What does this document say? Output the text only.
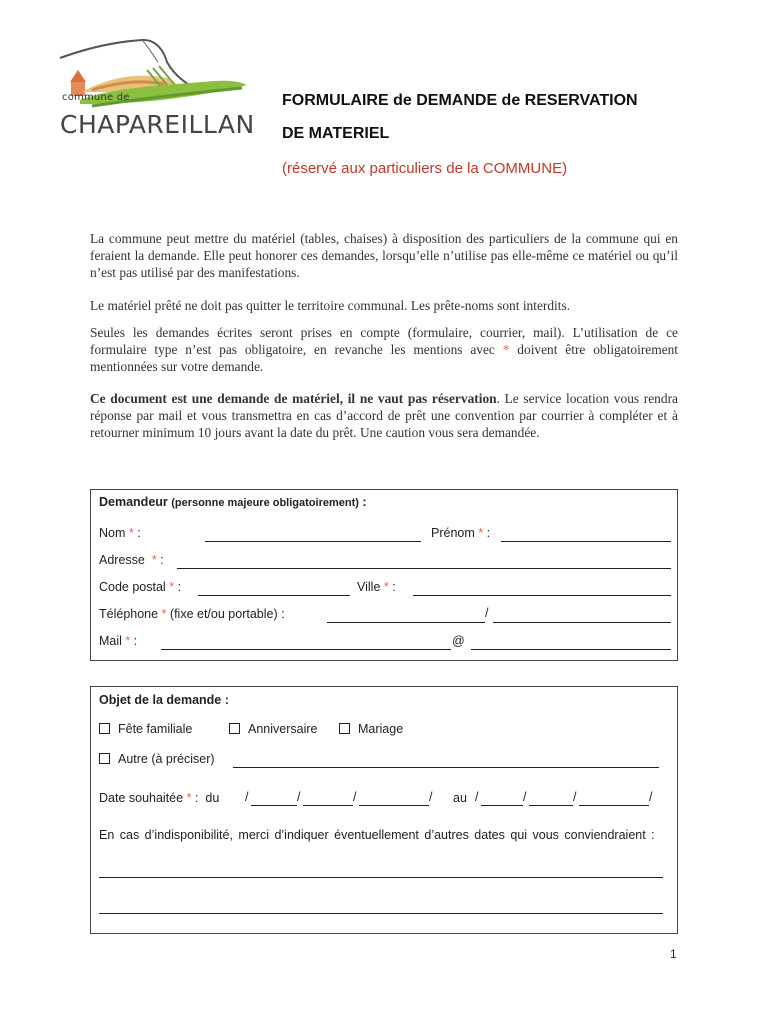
commune de
CHAPAREILLAN
FORMULAIRE de DEMANDE de RESERVATION
DE MATERIEL
(réservé aux particuliers de la COMMUNE)
La commune peut mettre du matériel (tables, chaises) à disposition des particuliers de la commune qui en feraient la demande. Elle peut honorer ces demandes, lorsqu’elle n’utilise pas elle-même ce matériel ou qu’il n’est pas utilisé par des manifestations.
Le matériel prêté ne doit pas quitter le territoire communal. Les prête-noms sont interdits.
Seules les demandes écrites seront prises en compte (formulaire, courrier, mail). L’utilisation de ce formulaire type n’est pas obligatoire, en revanche les mentions avec * doivent être obligatoirement mentionnées sur votre demande.
Ce document est une demande de matériel, il ne vaut pas réservation. Le service location vous rendra réponse par mail et vous transmettra en cas d’accord de prêt une convention par courrier à compléter et à retourner minimum 10 jours avant la date du prêt. Une caution vous sera demandée.
Demandeur (personne majeure obligatoirement) :
Nom * :	Prénom * :
Adresse * :
Code postal * :	Ville * :
Téléphone * (fixe et/ou portable) :	/
Mail * :	@
Objet de la demande :
Fête familiale	Anniversaire	Mariage
Autre (à préciser)
Date souhaitée * : du /	/	/	/ au /	/	/	/
En cas d’indisponibilité, merci d’indiquer éventuellement d’autres dates qui vous conviendraient :
1
